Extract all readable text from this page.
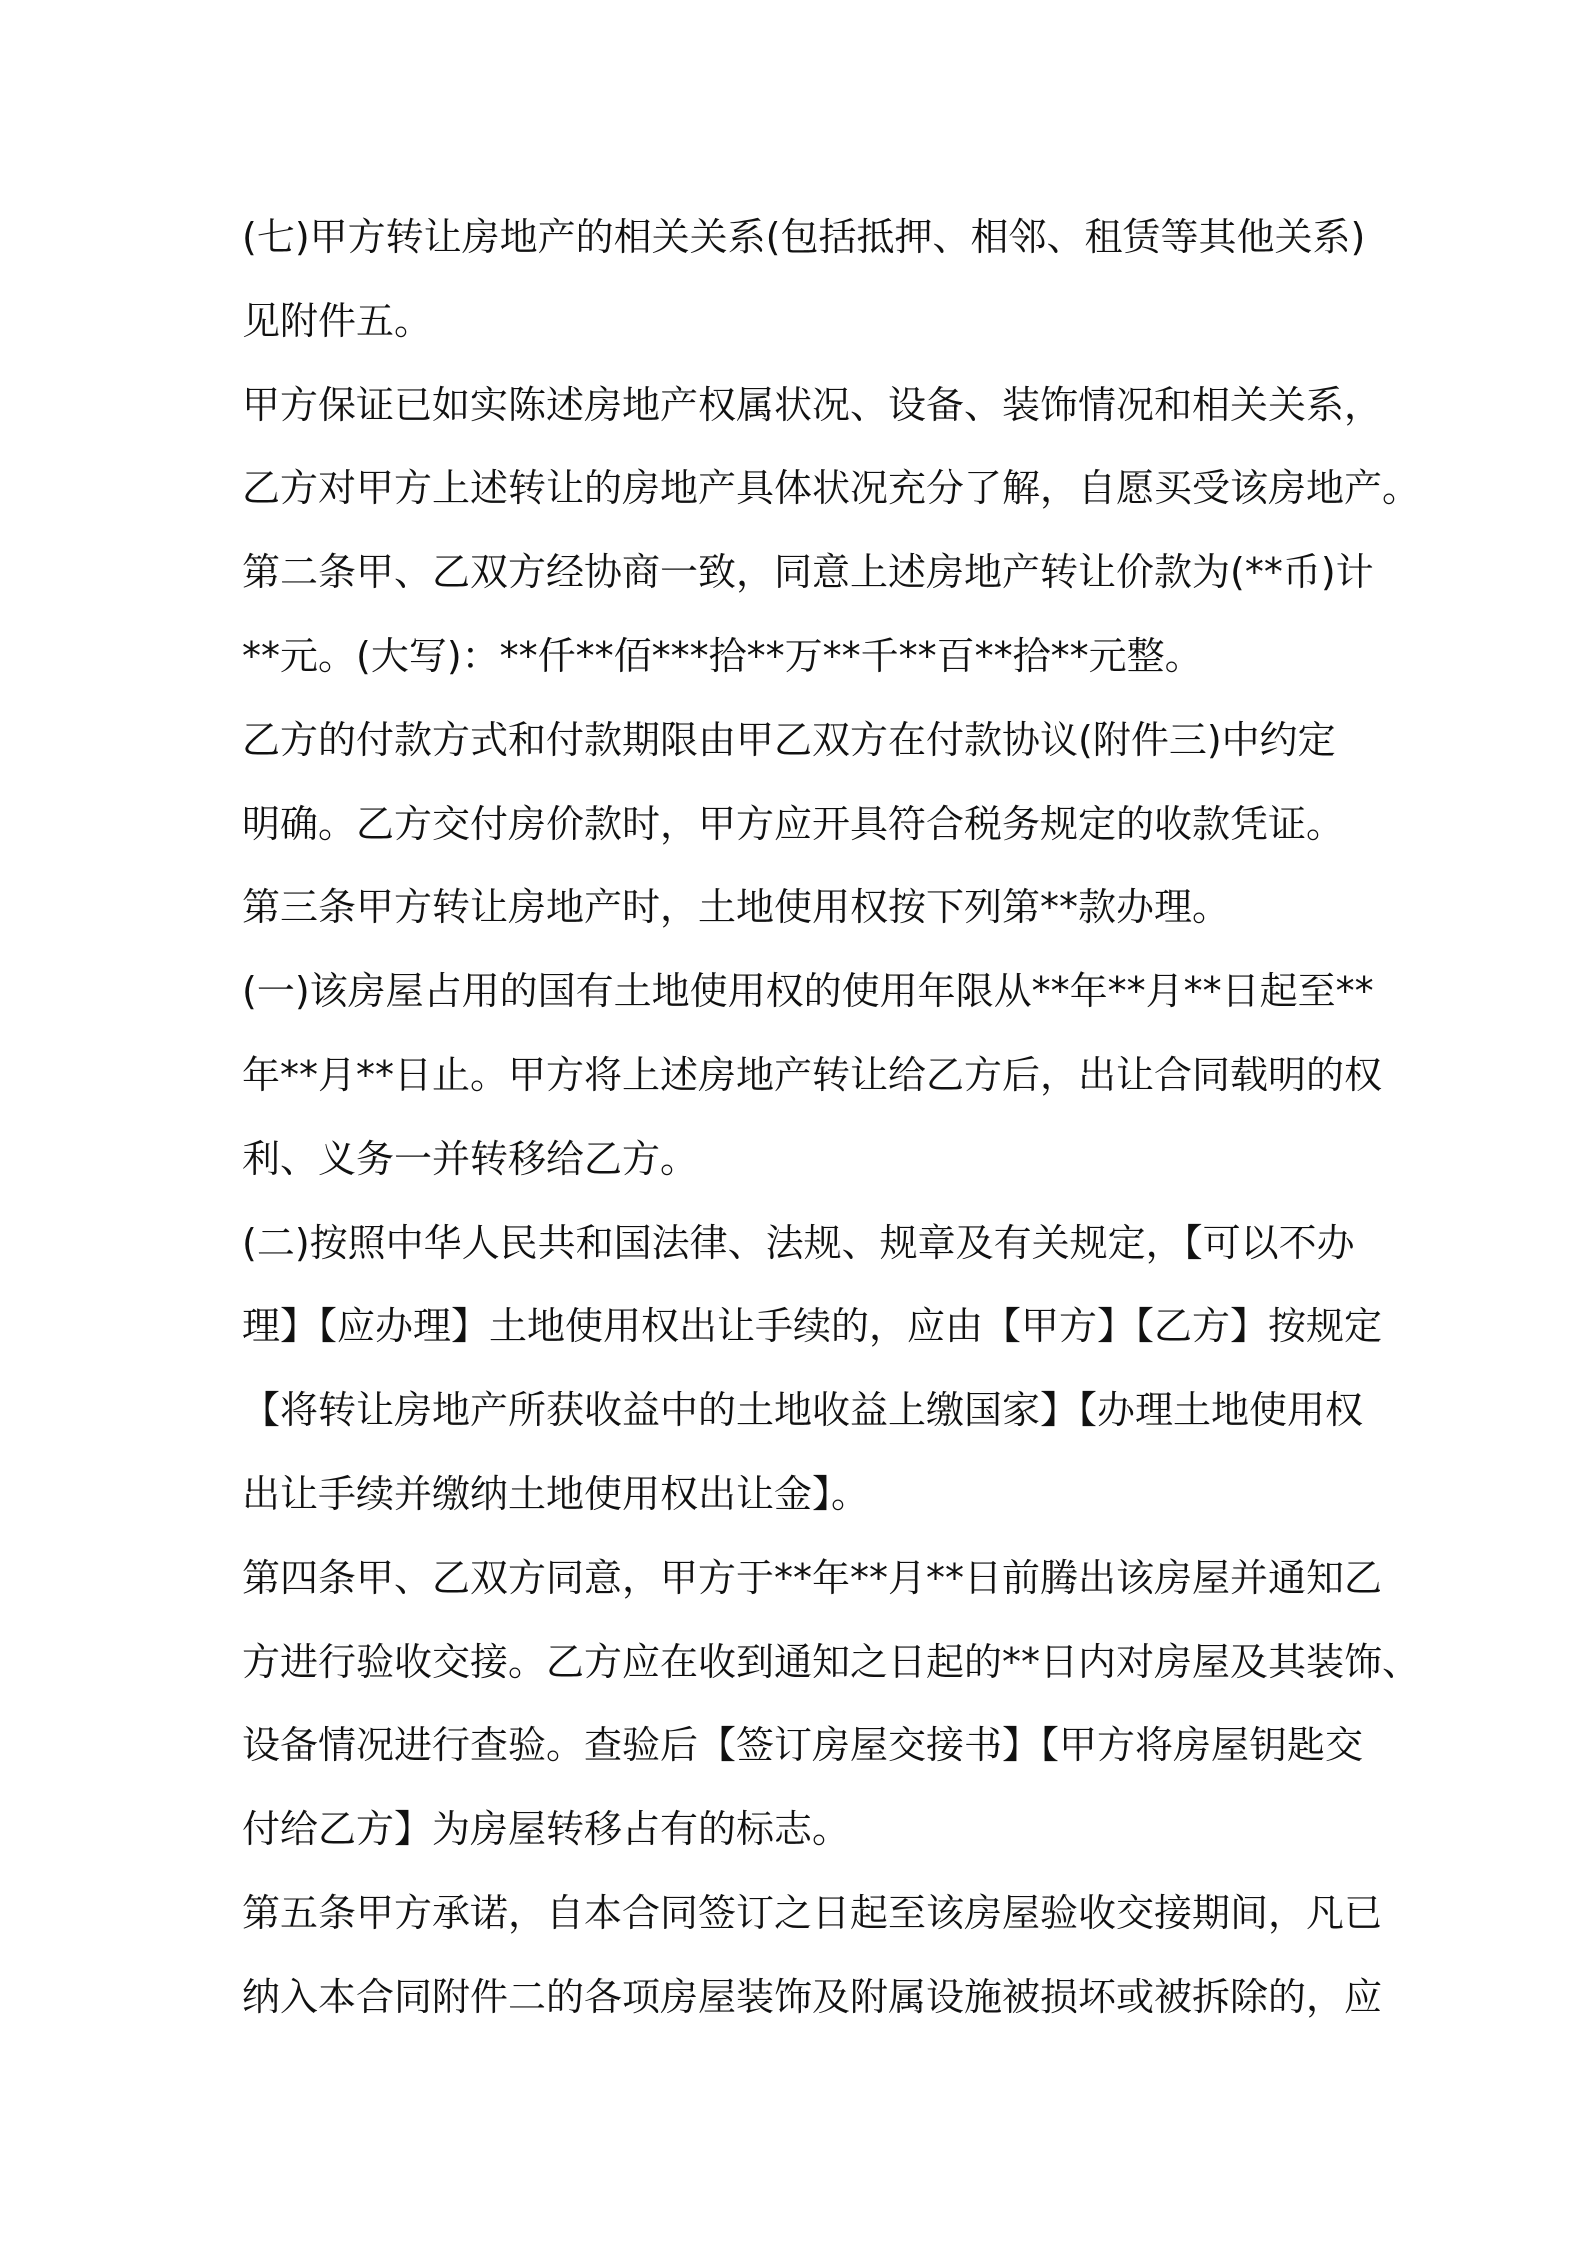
(七)甲方转让房地产的相关关系(包括抵押、相邻、租赁等其他关系)
见附件五。
甲方保证已如实陈述房地产权属状况、设备、装饰情况和相关关系，
乙方对甲方上述转让的房地产具体状况充分了解，自愿买受该房地产。
第二条甲、乙双方经协商一致，同意上述房地产转让价款为(**币)计
**元。(大写)：**仟**佰***拾**万**千**百**拾**元整。
乙方的付款方式和付款期限由甲乙双方在付款协议(附件三)中约定
明确。乙方交付房价款时，甲方应开具符合税务规定的收款凭证。
第三条甲方转让房地产时，土地使用权按下列第**款办理。
(一)该房屋占用的国有土地使用权的使用年限从**年**月**日起至**
年**月**日止。甲方将上述房地产转让给乙方后，出让合同载明的权
利、义务一并转移给乙方。
(二)按照中华人民共和国法律、法规、规章及有关规定，【可以不办
理】【应办理】土地使用权出让手续的，应由【甲方】【乙方】按规定
【将转让房地产所获收益中的土地收益上缴国家】【办理土地使用权
出让手续并缴纳土地使用权出让金】。
第四条甲、乙双方同意，甲方于**年**月**日前腾出该房屋并通知乙
方进行验收交接。乙方应在收到通知之日起的**日内对房屋及其装饰、
设备情况进行查验。查验后【签订房屋交接书】【甲方将房屋钥匙交
付给乙方】为房屋转移占有的标志。
第五条甲方承诺，自本合同签订之日起至该房屋验收交接期间，凡已
纳入本合同附件二的各项房屋装饰及附属设施被损坏或被拆除的，应
